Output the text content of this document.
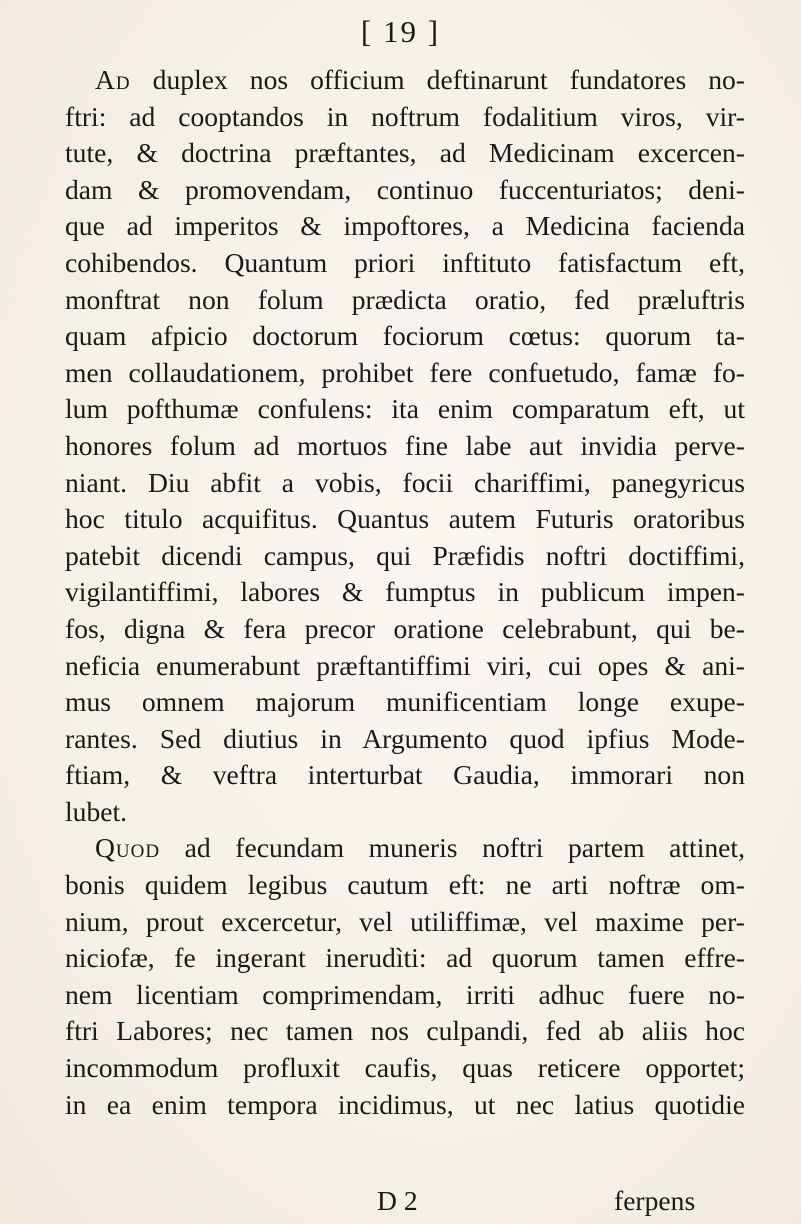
[ 19 ]
Ad duplex nos officium deftinarunt fundatores no-
ftri: ad cooptandos in noftrum fodalitium viros, vir-
tute, & doctrina præftantes, ad Medicinam excercen-
dam & promovendam, continuo fuccenturiatos; deni-
que ad imperitos & impoftores, a Medicina facienda
cohibendos. Quantum priori inftituto fatisfactum eft,
monftrat non folum prædicta oratio, fed præluftris
quam afpicio doctorum fociorum cœtus: quorum ta-
men collaudationem, prohibet fere confuetudo, famæ fo-
lum pofthumæ confulens: ita enim comparatum eft, ut
honores folum ad mortuos fine labe aut invidia perve-
niant. Diu abfit a vobis, focii chariffimi, panegyricus
hoc titulo acquifitus. Quantus autem Futuris oratoribus
patebit dicendi campus, qui Præfidis noftri doctiffimi,
vigilantiffimi, labores & fumptus in publicum impen-
fos, digna & fera precor oratione celebrabunt, qui be-
neficia enumerabunt præftantiffimi viri, cui opes & ani-
mus omnem majorum munificentiam longe exupe-
rantes. Sed diutius in Argumento quod ipfius Mode-
ftiam, & veftra interturbat Gaudia, immorari non
lubet.
Quod ad fecundam muneris noftri partem attinet,
bonis quidem legibus cautum eft: ne arti noftræ om-
nium, prout excercetur, vel utiliffimæ, vel maxime per-
niciofæ, fe ingerant inerudìti: ad quorum tamen effre-
nem licentiam comprimendam, irriti adhuc fuere no-
ftri Labores; nec tamen nos culpandi, fed ab aliis hoc
incommodum profluxit caufis, quas reticere opportet;
in ea enim tempora incidimus, ut nec latius quotidie
D 2	ferpens
